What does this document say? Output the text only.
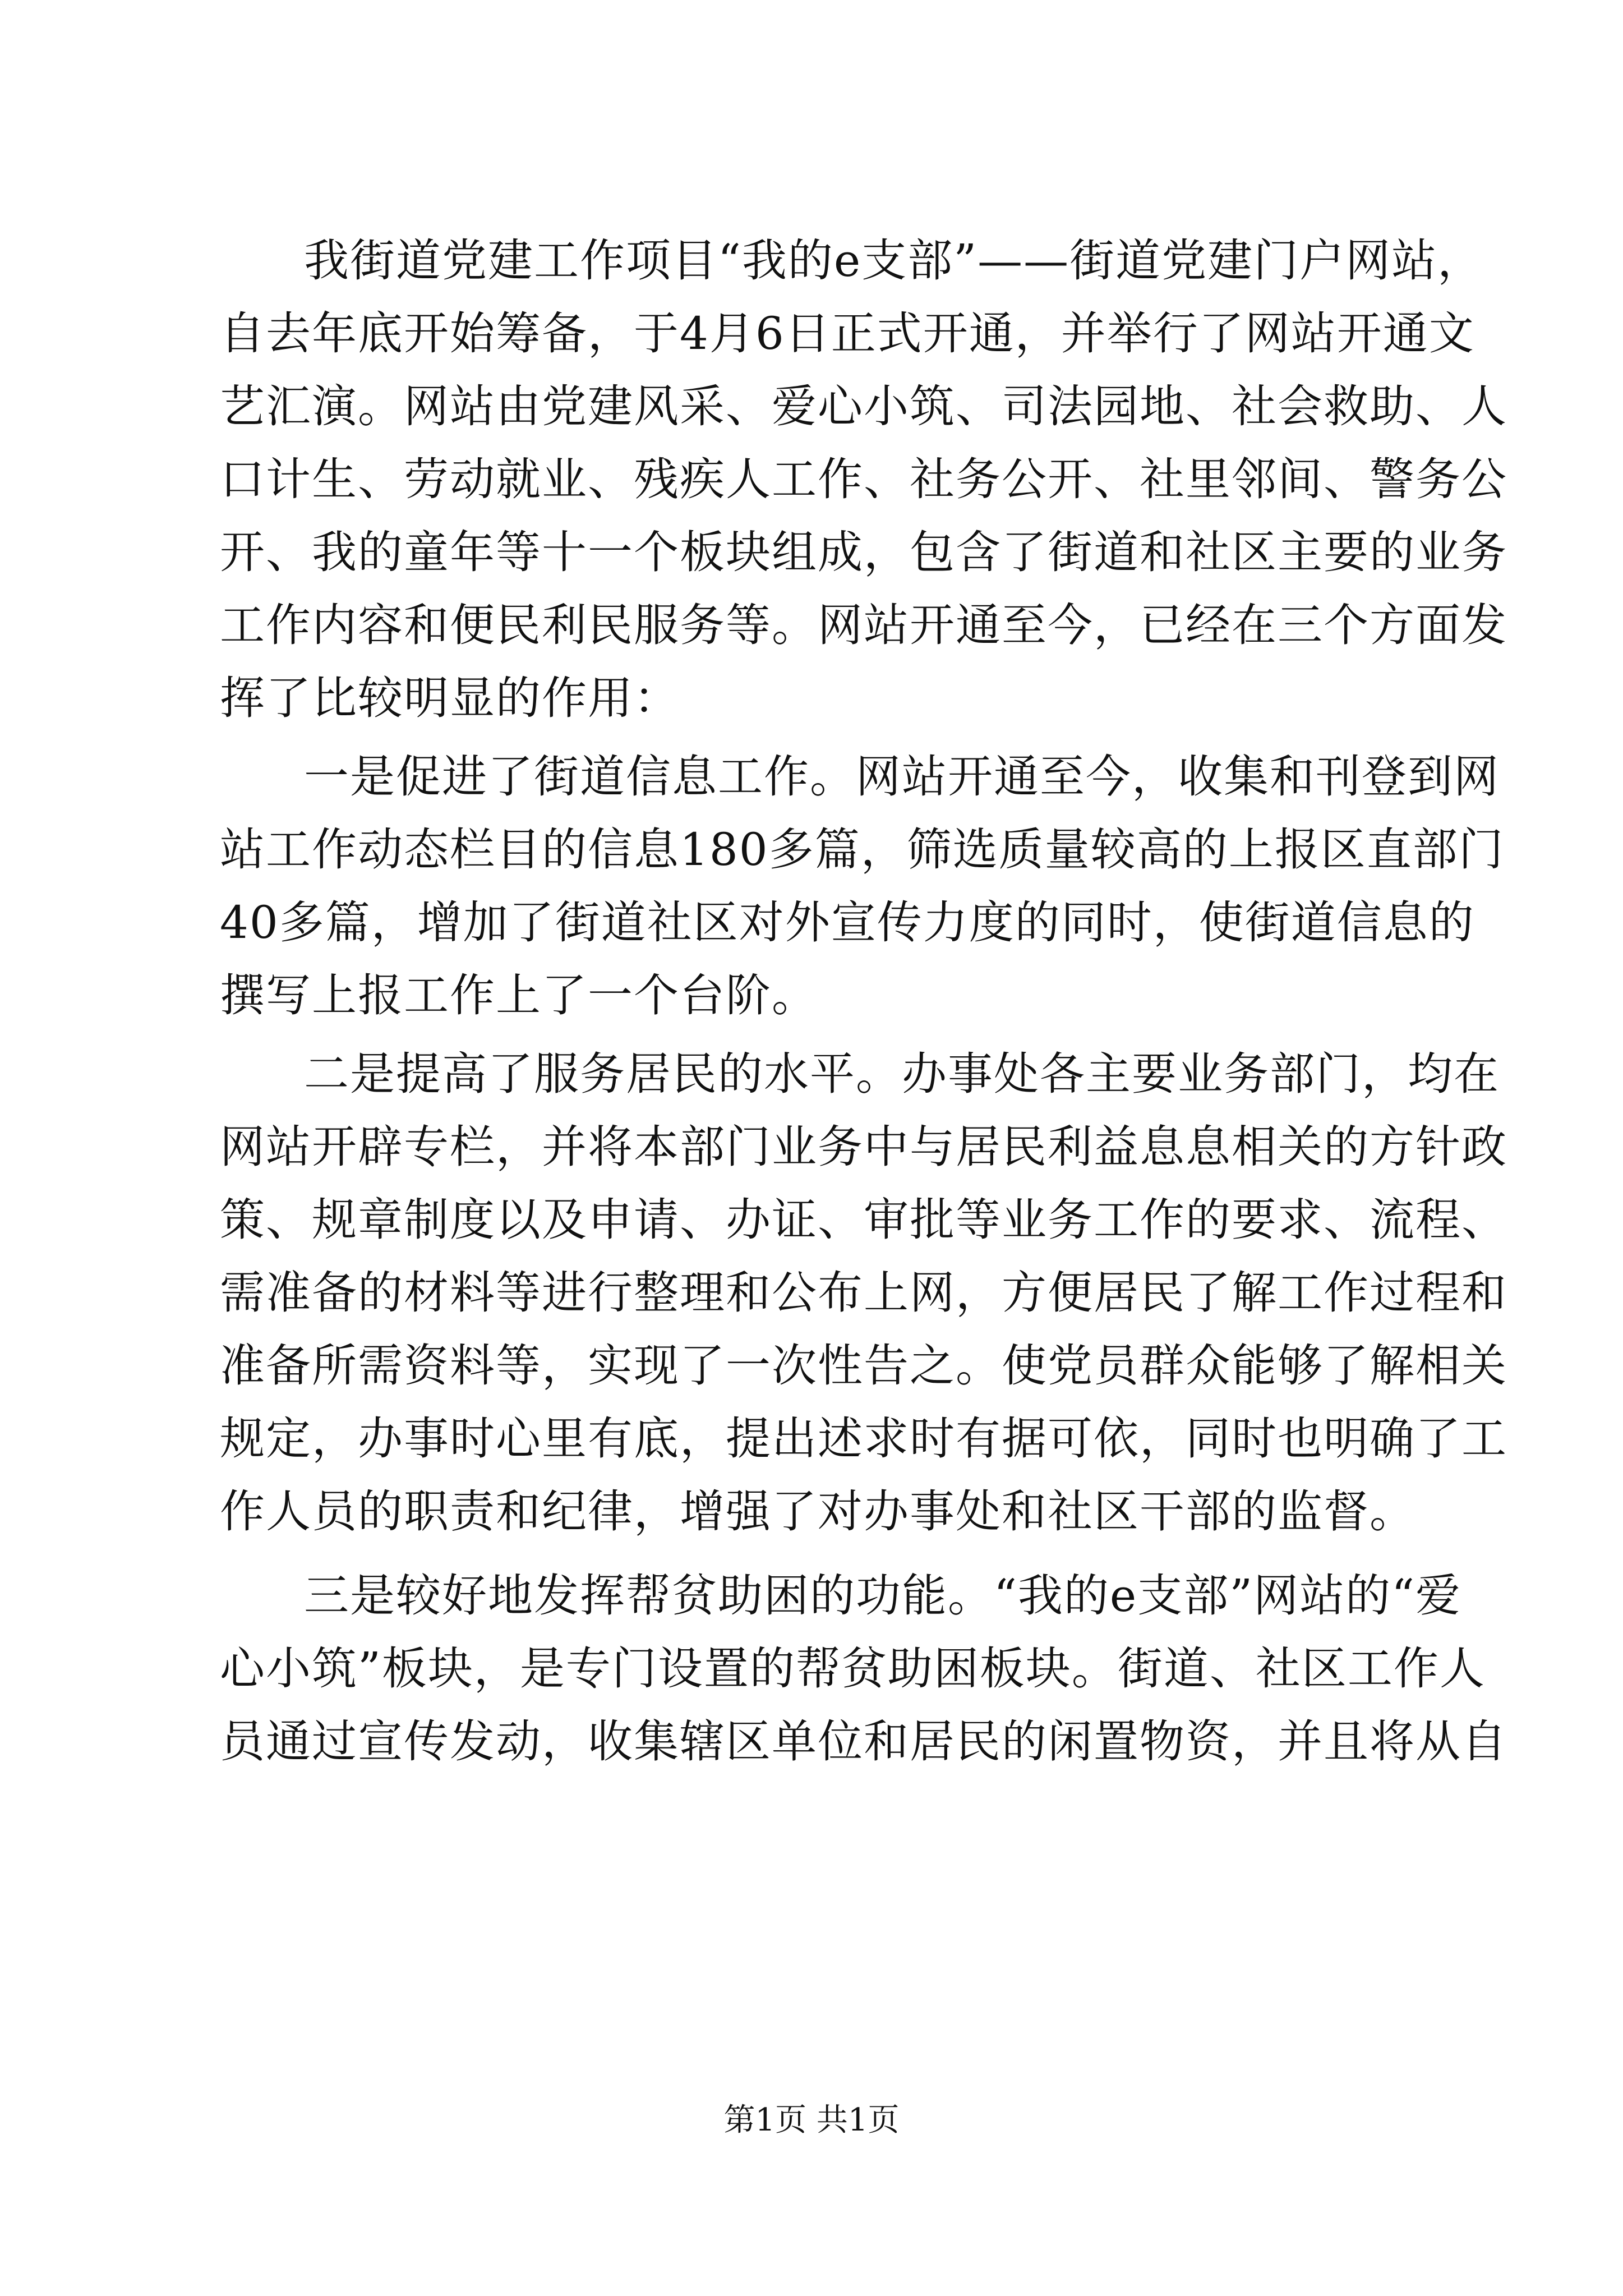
我街道党建工作项目“我的e支部”——街道党建门户网站，
自去年底开始筹备，于4月6日正式开通，并举行了网站开通文
艺汇演。网站由党建风采、爱心小筑、司法园地、社会救助、人
口计生、劳动就业、残疾人工作、社务公开、社里邻间、警务公
开、我的童年等十一个板块组成，包含了街道和社区主要的业务
工作内容和便民利民服务等。网站开通至今，已经在三个方面发
挥了比较明显的作用：
一是促进了街道信息工作。网站开通至今，收集和刊登到网
站工作动态栏目的信息180多篇，筛选质量较高的上报区直部门
40多篇，增加了街道社区对外宣传力度的同时，使街道信息的
撰写上报工作上了一个台阶。
二是提高了服务居民的水平。办事处各主要业务部门，均在
网站开辟专栏，并将本部门业务中与居民利益息息相关的方针政
策、规章制度以及申请、办证、审批等业务工作的要求、流程、
需准备的材料等进行整理和公布上网，方便居民了解工作过程和
准备所需资料等，实现了一次性告之。使党员群众能够了解相关
规定，办事时心里有底，提出述求时有据可依，同时也明确了工
作人员的职责和纪律，增强了对办事处和社区干部的监督。
三是较好地发挥帮贫助困的功能。“我的e支部”网站的“爱
心小筑”板块，是专门设置的帮贫助困板块。街道、社区工作人
员通过宣传发动，收集辖区单位和居民的闲置物资，并且将从自
第1页 共1页
